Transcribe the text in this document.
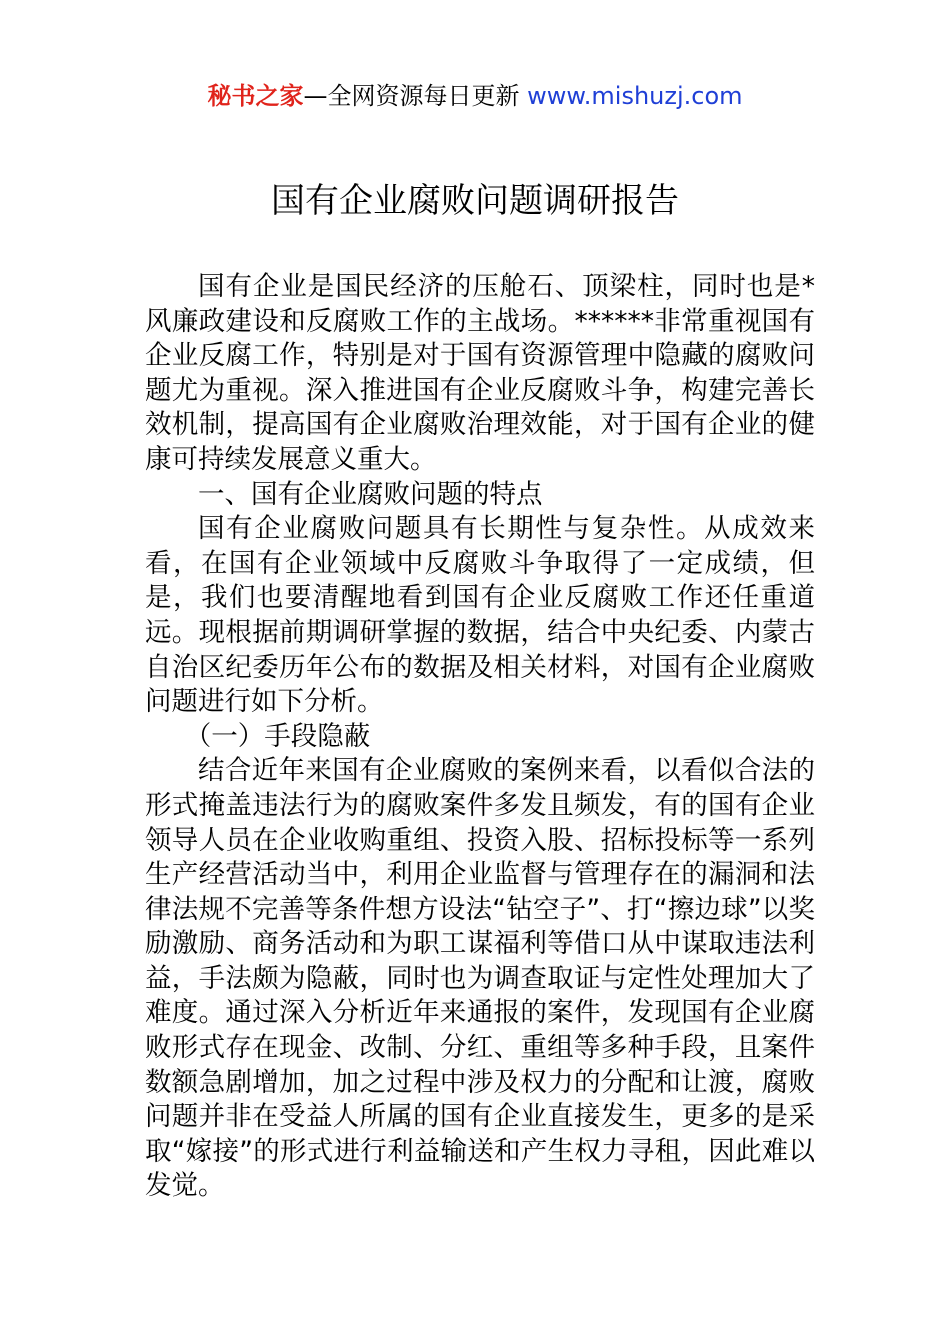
秘书之家—全网资源每日更新 www.mishuzj.com
国有企业腐败问题调研报告

国有企业是国民经济的压舱石、顶梁柱，同时也是*风廉政建设和反腐败工作的主战场。******非常重视国有企业反腐工作，特别是对于国有资源管理中隐藏的腐败问题尤为重视。深入推进国有企业反腐败斗争，构建完善长效机制，提高国有企业腐败治理效能，对于国有企业的健康可持续发展意义重大。

一、国有企业腐败问题的特点

国有企业腐败问题具有长期性与复杂性。从成效来看，在国有企业领域中反腐败斗争取得了一定成绩，但是，我们也要清醒地看到国有企业反腐败工作还任重道远。现根据前期调研掌握的数据，结合中央纪委、内蒙古自治区纪委历年公布的数据及相关材料，对国有企业腐败问题进行如下分析。

（一）手段隐蔽

结合近年来国有企业腐败的案例来看，以看似合法的形式掩盖违法行为的腐败案件多发且频发，有的国有企业领导人员在企业收购重组、投资入股、招标投标等一系列生产经营活动当中，利用企业监督与管理存在的漏洞和法律法规不完善等条件想方设法“钻空子”、打“擦边球”以奖励激励、商务活动和为职工谋福利等借口从中谋取违法利益，手法颇为隐蔽，同时也为调查取证与定性处理加大了难度。通过深入分析近年来通报的案件，发现国有企业腐败形式存在现金、改制、分红、重组等多种手段，且案件数额急剧增加，加之过程中涉及权力的分配和让渡，腐败问题并非在受益人所属的国有企业直接发生，更多的是采取“嫁接”的形式进行利益输送和产生权力寻租，因此难以发觉。
